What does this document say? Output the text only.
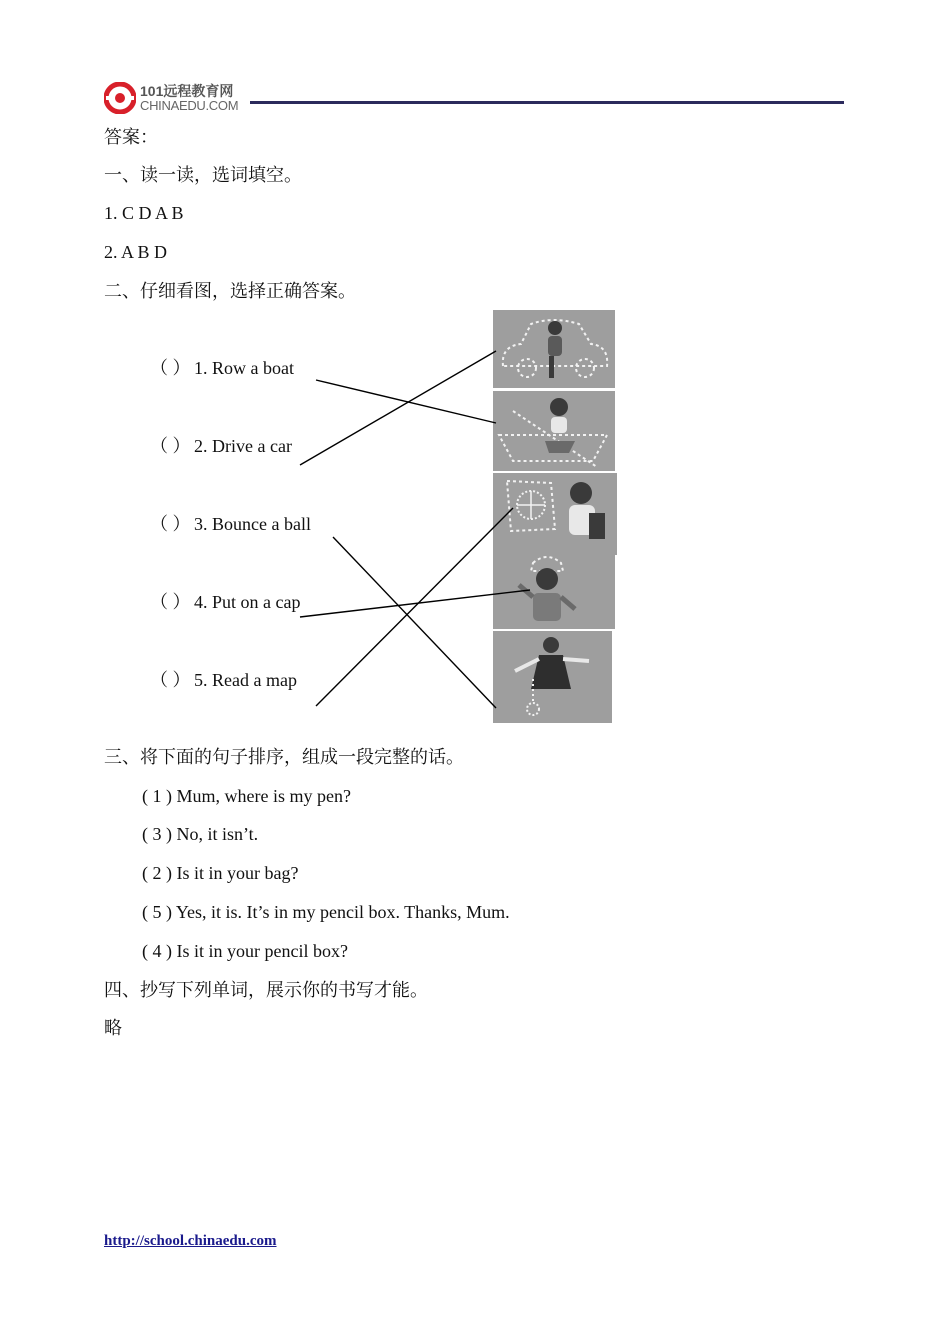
101远程教育网
CHINAEDU.COM
答案：
一、读一读，选词填空。
1. C D A B
2. A B D
二、仔细看图，选择正确答案。
（ ） 1. Row a boat
（ ） 2. Drive a car
（ ） 3. Bounce a ball
（ ） 4. Put on a cap
（ ） 5. Read a map
三、将下面的句子排序，组成一段完整的话。
( 1 ) Mum, where is my pen?
( 3 ) No, it isn’t.
( 2 ) Is it in your bag?
( 5 ) Yes, it is. It’s in my pencil box. Thanks, Mum.
( 4 ) Is it in your pencil box?
四、抄写下列单词，展示你的书写才能。
略
http://school.chinaedu.com
